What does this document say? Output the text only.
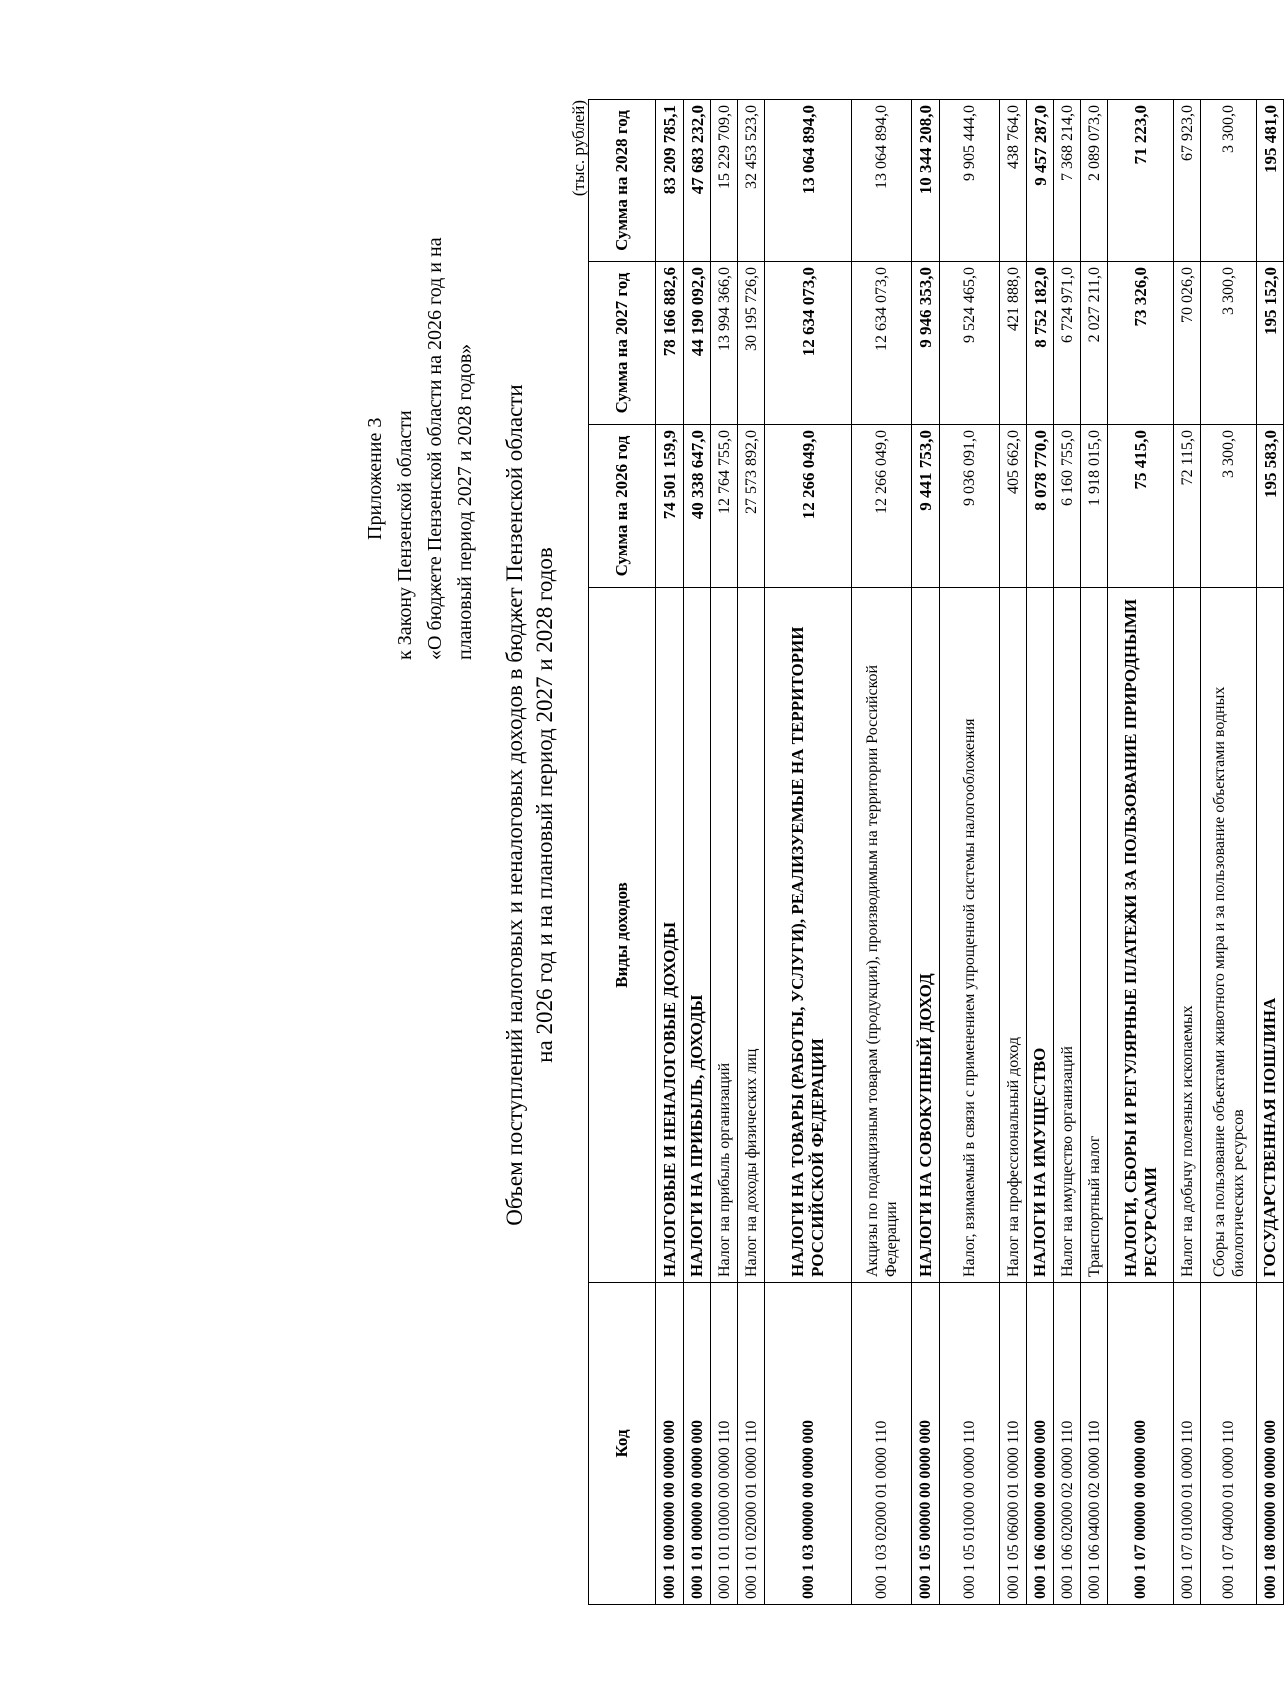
Приложение 3 к Закону Пензенской области «О бюджете Пензенской области на 2026 год и на плановый период 2027 и 2028 годов» Объем поступлений налоговых и неналоговых доходов в бюджет Пензенской области на 2026 год и на плановый период 2027 и 2028 годов
(тыс. рублей)
Код	Виды доходов	Сумма на 2026 год	Сумма на 2027 год	Сумма на 2028 год
000 1 00 00000 00 0000 000	НАЛОГОВЫЕ И НЕНАЛОГОВЫЕ ДОХОДЫ	74 501 159,9	78 166 882,6	83 209 785,1
000 1 01 00000 00 0000 000	НАЛОГИ НА ПРИБЫЛЬ, ДОХОДЫ	40 338 647,0	44 190 092,0	47 683 232,0
000 1 01 01000 00 0000 110	Налог на прибыль организаций	12 764 755,0	13 994 366,0	15 229 709,0
000 1 01 02000 01 0000 110	Налог на доходы физических лиц	27 573 892,0	30 195 726,0	32 453 523,0
000 1 03 00000 00 0000 000	НАЛОГИ НА ТОВАРЫ (РАБОТЫ, УСЛУГИ), РЕАЛИЗУЕМЫЕ НА ТЕРРИТОРИИ РОССИЙСКОЙ ФЕДЕРАЦИИ	12 266 049,0	12 634 073,0	13 064 894,0
000 1 03 02000 01 0000 110	Акцизы по подакцизным товарам (продукции), производимым на территории Российской Федерации	12 266 049,0	12 634 073,0	13 064 894,0
000 1 05 00000 00 0000 000	НАЛОГИ НА СОВОКУПНЫЙ ДОХОД	9 441 753,0	9 946 353,0	10 344 208,0
000 1 05 01000 00 0000 110	Налог, взимаемый в связи с применением упрощенной системы налогообложения	9 036 091,0	9 524 465,0	9 905 444,0
000 1 05 06000 01 0000 110	Налог на профессиональный доход	405 662,0	421 888,0	438 764,0
000 1 06 00000 00 0000 000	НАЛОГИ НА ИМУЩЕСТВО	8 078 770,0	8 752 182,0	9 457 287,0
000 1 06 02000 02 0000 110	Налог на имущество организаций	6 160 755,0	6 724 971,0	7 368 214,0
000 1 06 04000 02 0000 110	Транспортный налог	1 918 015,0	2 027 211,0	2 089 073,0
000 1 07 00000 00 0000 000	НАЛОГИ, СБОРЫ И РЕГУЛЯРНЫЕ ПЛАТЕЖИ ЗА ПОЛЬЗОВАНИЕ ПРИРОДНЫМИ РЕСУРСАМИ	75 415,0	73 326,0	71 223,0
000 1 07 01000 01 0000 110	Налог на добычу полезных ископаемых	72 115,0	70 026,0	67 923,0
000 1 07 04000 01 0000 110	Сборы за пользование объектами животного мира и за пользование объектами водных биологических ресурсов	3 300,0	3 300,0	3 300,0
000 1 08 00000 00 0000 000	ГОСУДАРСТВЕННАЯ ПОШЛИНА	195 583,0	195 152,0	195 481,0
